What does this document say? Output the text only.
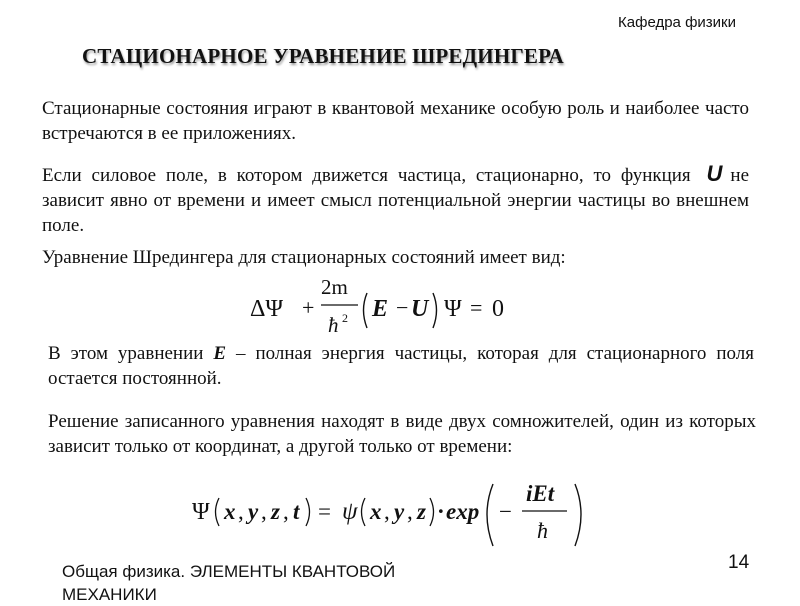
Кафедра физики
СТАЦИОНАРНОЕ УРАВНЕНИЕ ШРЕДИНГЕРА

Стационарные состояния играют в квантовой механике особую роль и наиболее часто встречаются в ее приложениях.

Если силовое поле, в котором движется частица, стационарно, то функция U не зависит явно от времени и имеет смысл потенциальной энергии частицы во внешнем поле.

Уравнение Шредингера для стационарных состояний имеет вид:

ΔΨ +
2m
ħ 2 E − U Ψ = 0

В этом уравнении E – полная энергия частицы, которая для стационарного поля остается постоянной.

Решение записанного уравнения находят в виде двух сомножителей, один из которых зависит только от координат, а другой только от времени:

Ψ x , y , z , t = ψ x , y , z · exp −
iEt
ħ
Общая физика. ЭЛЕМЕНТЫ КВАНТОВОЙ МЕХАНИКИ
14
